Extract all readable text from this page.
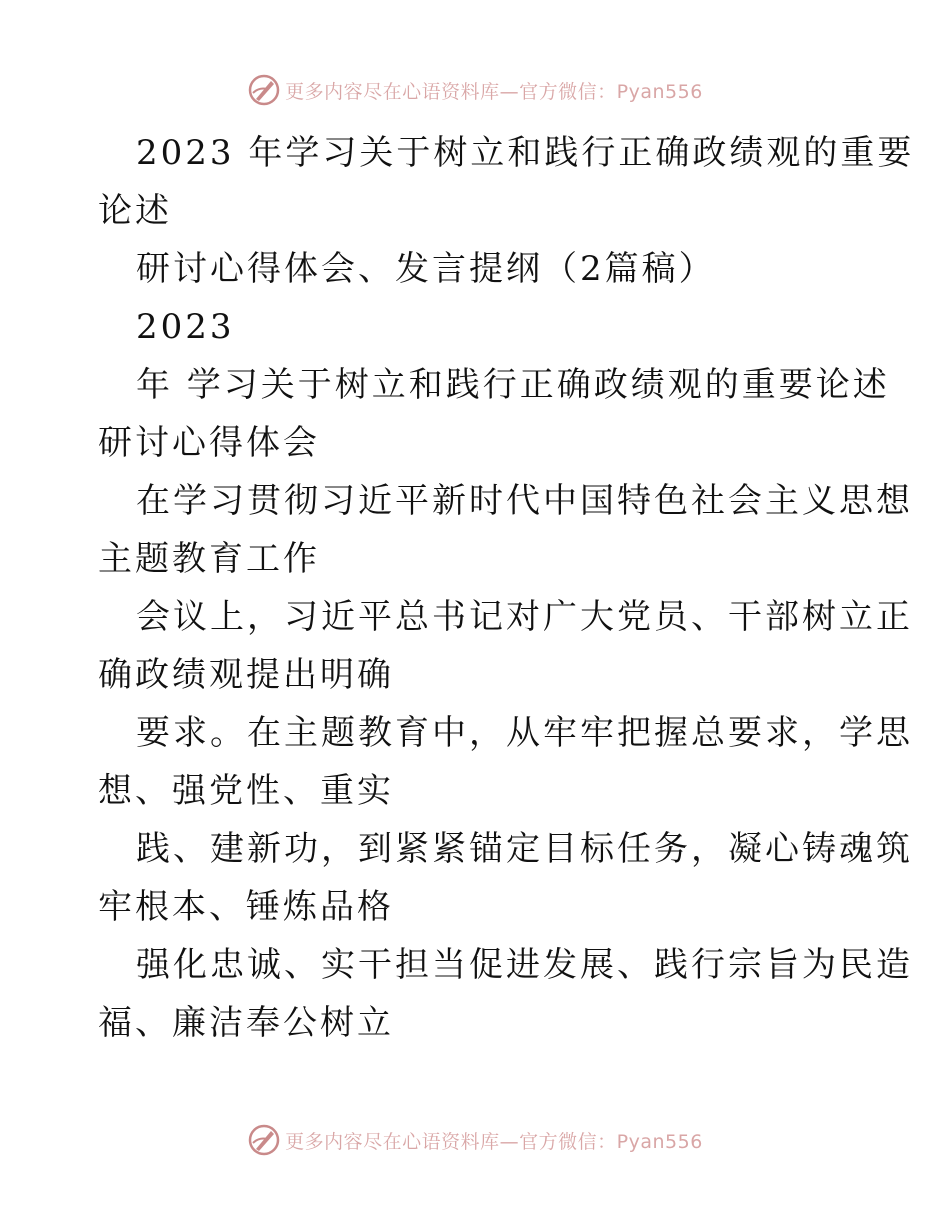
更多内容尽在心语资料库—官方微信：Pyan556
2023 年学习关于树立和践行正确政绩观的重要
论述
研讨心得体会、发言提纲（2篇稿）
2023
年 学习关于树立和践行正确政绩观的重要论述
研讨心得体会
在学习贯彻习近平新时代中国特色社会主义思想
主题教育工作
会议上，习近平总书记对广大党员、干部树立正
确政绩观提出明确
要求。在主题教育中，从牢牢把握总要求，学思
想、强党性、重实
践、建新功，到紧紧锚定目标任务，凝心铸魂筑
牢根本、锤炼品格
强化忠诚、实干担当促进发展、践行宗旨为民造
福、廉洁奉公树立
更多内容尽在心语资料库—官方微信：Pyan556
